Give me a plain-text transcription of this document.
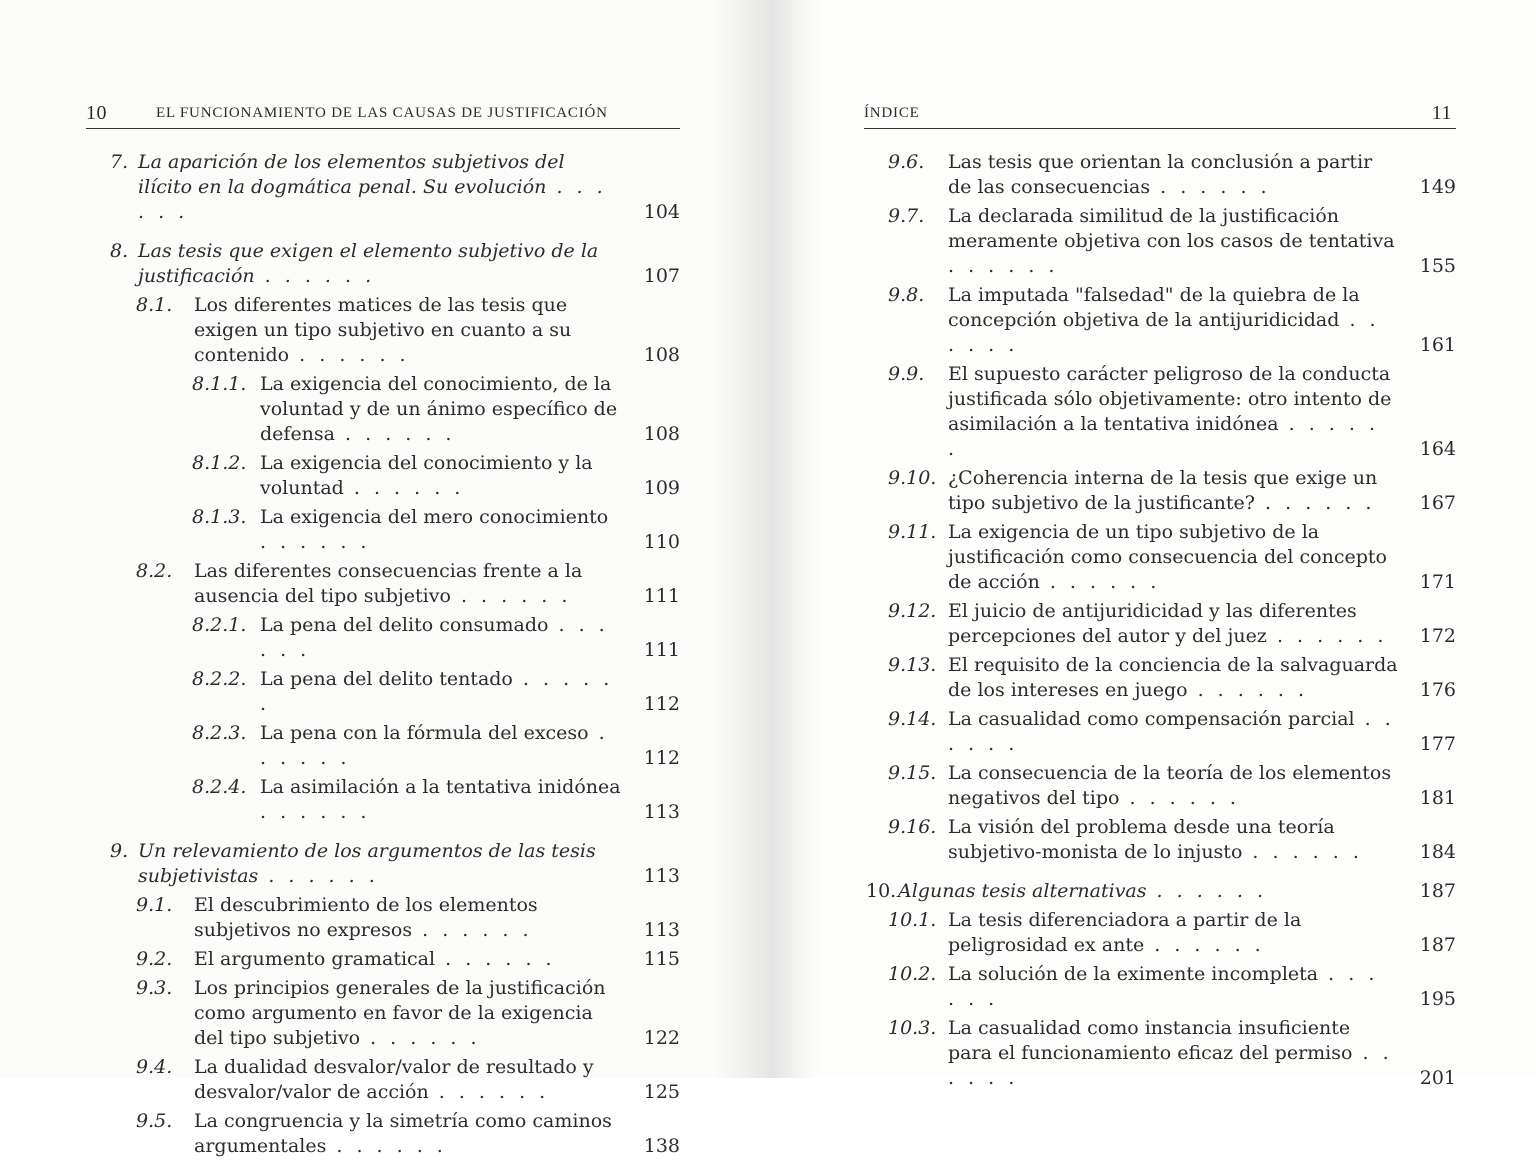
10	EL FUNCIONAMIENTO DE LAS CAUSAS DE JUSTIFICACIÓN
7. La aparición de los elementos subjetivos del ilícito en la dogmática penal. Su evolución . . . . . .	104
8. Las tesis que exigen el elemento subjetivo de la justificación . . . . . .	107
8.1. Los diferentes matices de las tesis que exigen un tipo subjetivo en cuanto a su contenido . . . . . .	108
8.1.1. La exigencia del conocimiento, de la voluntad y de un ánimo específico de defensa . . . . . .	108
8.1.2. La exigencia del conocimiento y la voluntad . . . . . .	109
8.1.3. La exigencia del mero conocimiento . . . . . .	110
8.2. Las diferentes consecuencias frente a la ausencia del tipo subjetivo . . . . . .	111
8.2.1. La pena del delito consumado . . . . . .	111
8.2.2. La pena del delito tentado . . . . . .	112
8.2.3. La pena con la fórmula del exceso . . . . . .	112
8.2.4. La asimilación a la tentativa inidónea . . . . . .	113
9. Un relevamiento de los argumentos de las tesis subjetivistas . . . . . .	113
9.1. El descubrimiento de los elementos subjetivos no expresos . . . . . .	113
9.2. El argumento gramatical . . . . . .	115
9.3. Los principios generales de la justificación como argumento en favor de la exigencia del tipo subjetivo . . . . . .	122
9.4. La dualidad desvalor/valor de resultado y desvalor/valor de acción . . . . . .	125
9.5. La congruencia y la simetría como caminos argumentales . . . . . .	138
ÍNDICE	11
9.6. Las tesis que orientan la conclusión a partir de las consecuencias . . . . . .	149
9.7. La declarada similitud de la justificación meramente objetiva con los casos de tentativa . . . . . .	155
9.8. La imputada "falsedad" de la quiebra de la concepción objetiva de la antijuridicidad . . . . . .	161
9.9. El supuesto carácter peligroso de la conducta justificada sólo objetivamente: otro intento de asimilación a la tentativa inidónea . . . . . .	164
9.10. ¿Coherencia interna de la tesis que exige un tipo subjetivo de la justificante? . . . . . .	167
9.11. La exigencia de un tipo subjetivo de la justificación como consecuencia del concepto de acción . . . . . .	171
9.12. El juicio de antijuridicidad y las diferentes percepciones del autor y del juez . . . . . .	172
9.13. El requisito de la conciencia de la salvaguarda de los intereses en juego . . . . . .	176
9.14. La casualidad como compensación parcial . . . . . .	177
9.15. La consecuencia de la teoría de los elementos negativos del tipo . . . . . .	181
9.16. La visión del problema desde una teoría subjetivo-monista de lo injusto . . . . . .	184
10. Algunas tesis alternativas . . . . . .	187
10.1. La tesis diferenciadora a partir de la peligrosidad ex ante . . . . . .	187
10.2. La solución de la eximente incompleta . . . . . .	195
10.3. La casualidad como instancia insuficiente para el funcionamiento eficaz del permiso . . . . . .	201
